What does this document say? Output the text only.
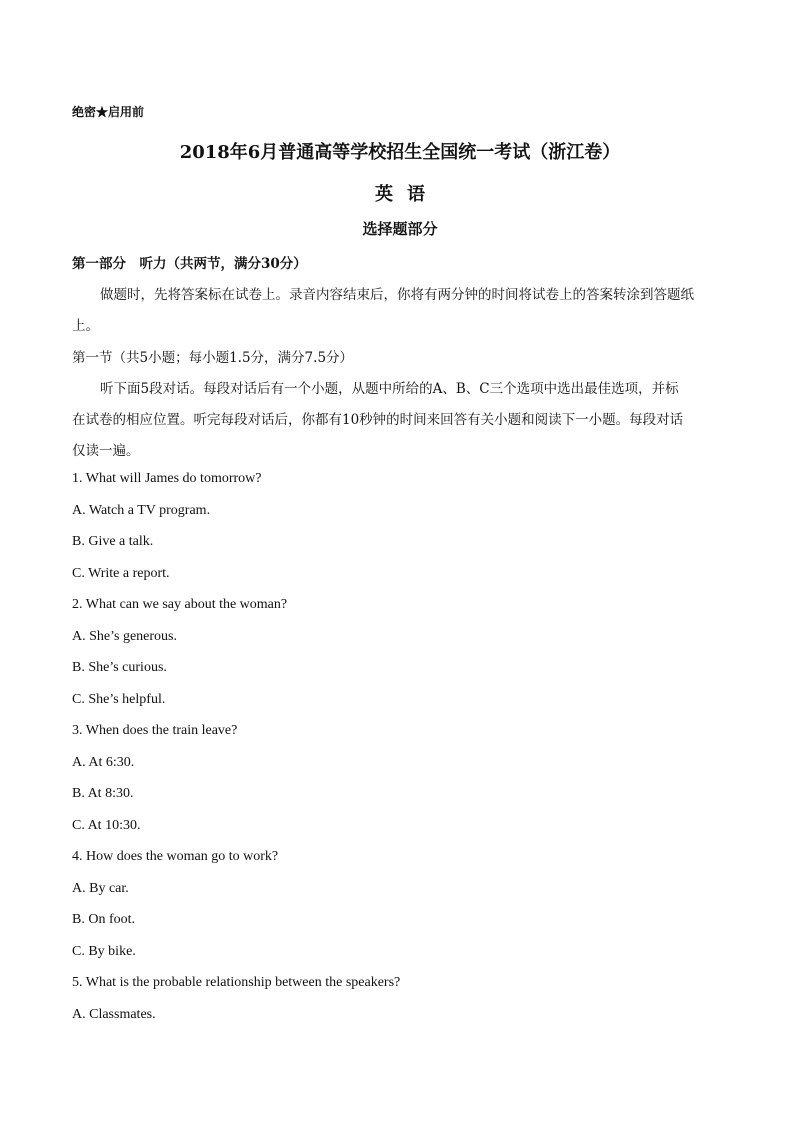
绝密★启用前
2018年6月普通高等学校招生全国统一考试（浙江卷）
英语
选择题部分
第一部分　听力（共两节，满分30分）
做题时，先将答案标在试卷上。录音内容结束后，你将有两分钟的时间将试卷上的答案转涂到答题纸
上。
第一节（共5小题；每小题1.5分，满分7.5分）
听下面5段对话。每段对话后有一个小题，从题中所给的A、B、C三个选项中选出最佳选项，并标
在试卷的相应位置。听完每段对话后，你都有10秒钟的时间来回答有关小题和阅读下一小题。每段对话
仅读一遍。
1. What will James do tomorrow?
A. Watch a TV program.
B. Give a talk.
C. Write a report.
2. What can we say about the woman?
A. She’s generous.
B. She’s curious.
C. She’s helpful.
3. When does the train leave?
A. At 6:30.
B. At 8:30.
C. At 10:30.
4. How does the woman go to work?
A. By car.
B. On foot.
C. By bike.
5. What is the probable relationship between the speakers?
A. Classmates.
